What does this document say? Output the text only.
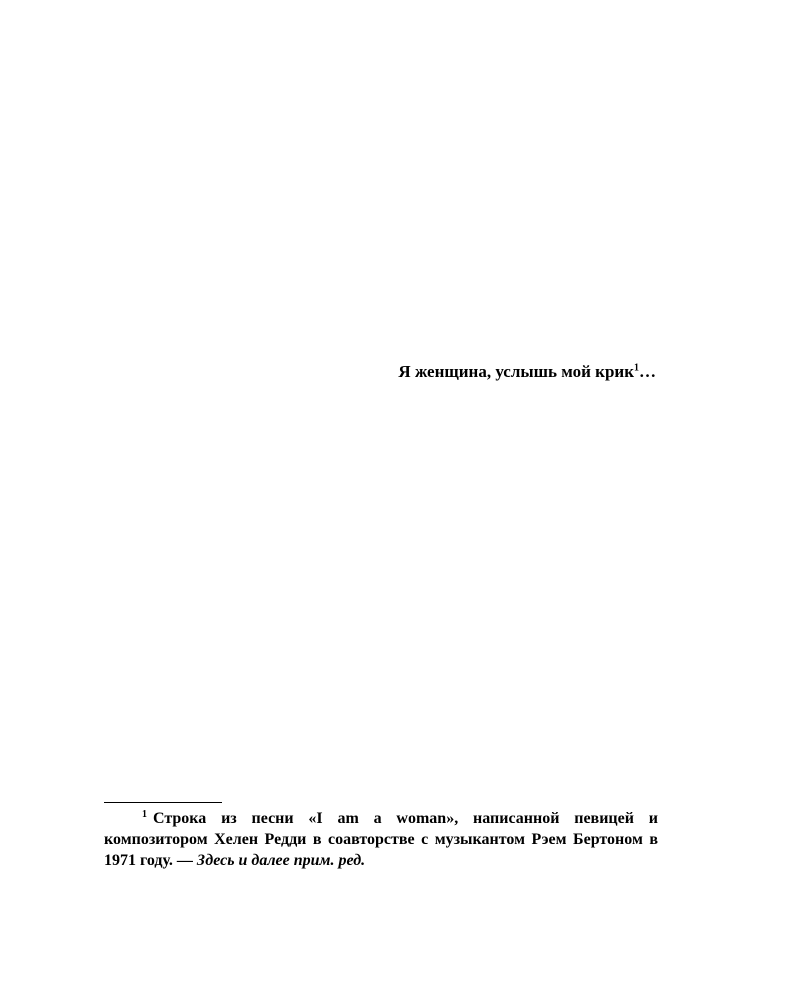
Я женщина, услышь мой крик$^1$…
$^1$ Строка из песни «I am a woman», написанной певицей и композитором Хелен Редди в соавторстве с музыкантом Рэем Бертоном в 1971 году. — Здесь и далее прим. ред.
